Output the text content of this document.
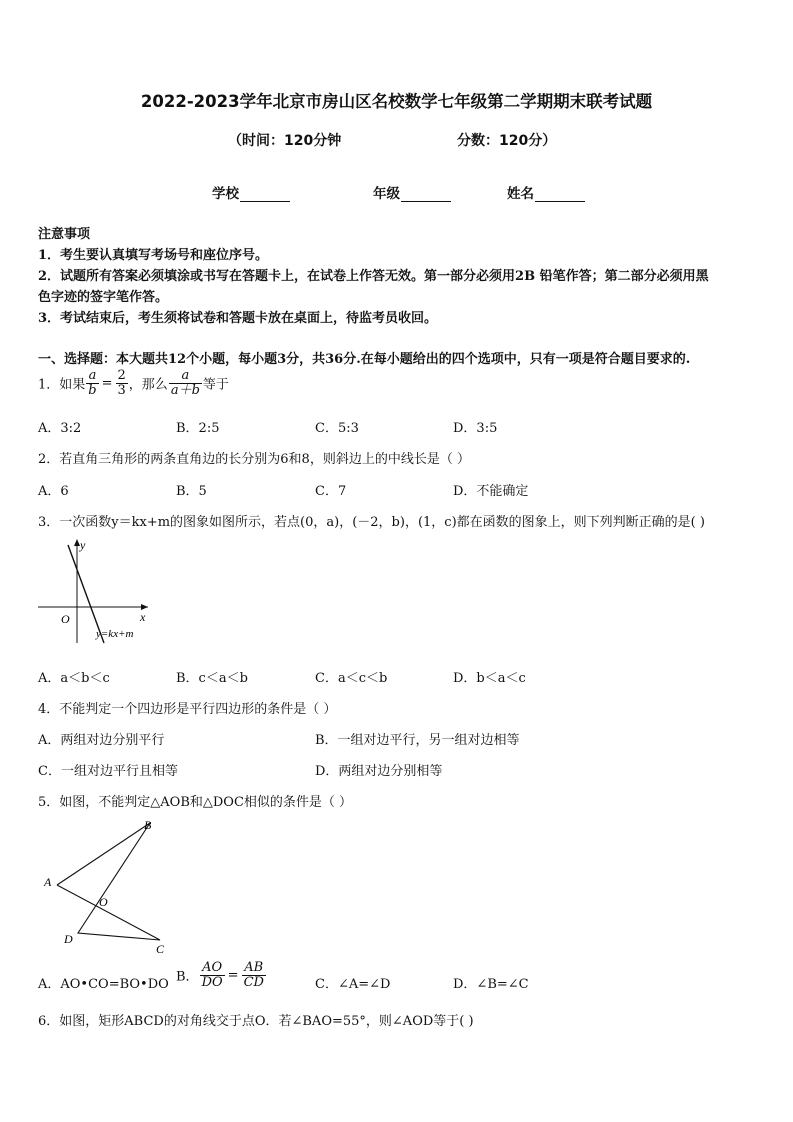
2022-2023学年北京市房山区名校数学七年级第二学期期末联考试题
（时间：120分钟	分数：120分）
学校	年级	姓名
注意事项
1．考生要认真填写考场号和座位序号。
2．试题所有答案必须填涂或书写在答题卡上，在试卷上作答无效。第一部分必须用2B 铅笔作答；第二部分必须用黑
色字迹的签字笔作答。
3．考试结束后，考生须将试卷和答题卡放在桌面上，待监考员收回。
一、选择题：本大题共12个小题，每小题3分，共36分.在每小题给出的四个选项中，只有一项是符合题目要求的.
1．如果 $\frac{a}{b} = \frac{2}{3}$ ，那么 $\frac{a}{a+b}$ 等于
A．3:2	B．2:5	C．5:3	D．3:5
2．若直角三角形的两条直角边的长分别为6和8，则斜边上的中线长是（ ）
A．6	B．5	C．7	D．不能确定
3．一次函数y＝kx+m的图象如图所示，若点(0，a)，(－2，b)，(1，c)都在函数的图象上，则下列判断正确的是( )
y
x
O
y=kx+m
A．a＜b＜c	B．c＜a＜b	C．a＜c＜b	D．b＜a＜c
4．不能判定一个四边形是平行四边形的条件是（ ）
A．两组对边分别平行	B．一组对边平行，另一组对边相等
C．一组对边平行且相等	D．两组对边分别相等
5．如图，不能判定△AOB和△DOC相似的条件是（ ）
B
A
O
D
C
A．AO•CO=BO•DO B． $\frac{AO}{DO} = \frac{AB}{CD}$	C．∠A=∠D	D．∠B=∠C
6．如图，矩形ABCD的对角线交于点O．若∠BAO=55°，则∠AOD等于( )
